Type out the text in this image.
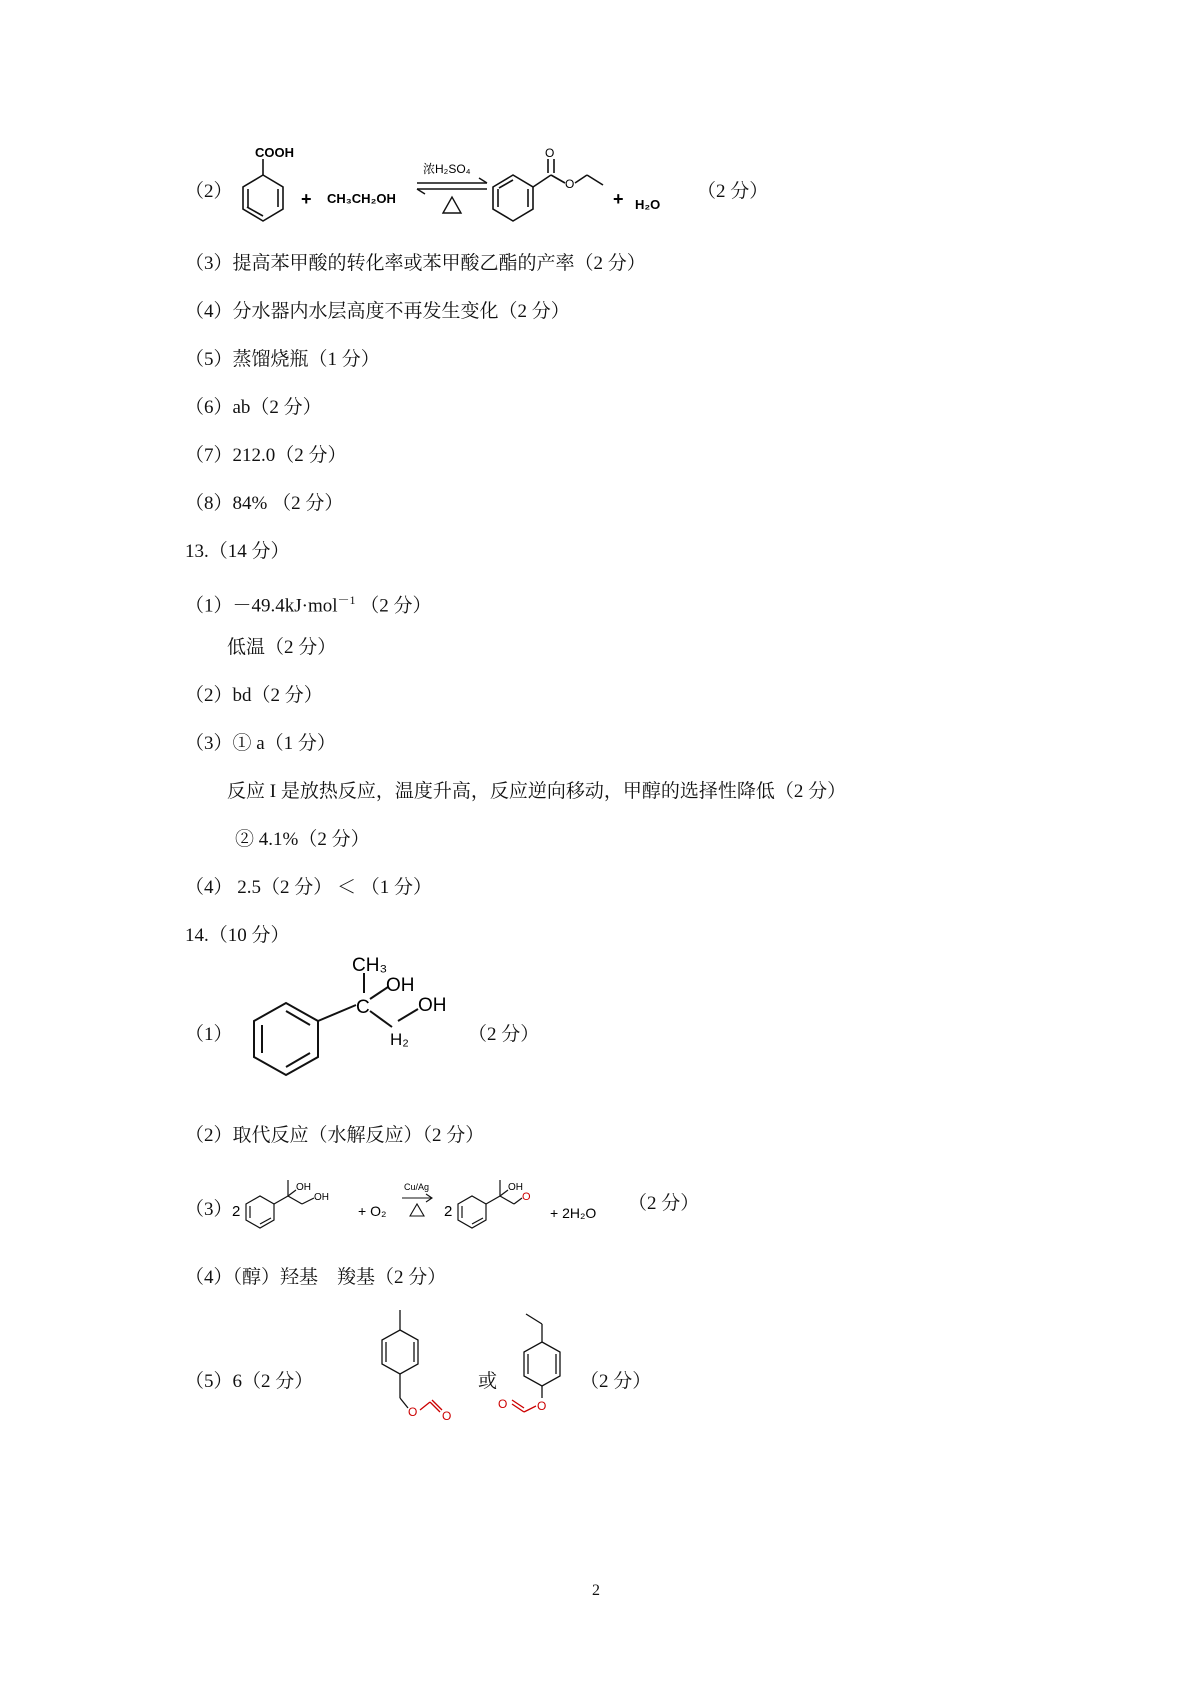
（2）
COOH
+ CH₃CH₂OH
浓H₂SO₄
O
O
+ H₂O
（2 分）
（3）提高苯甲酸的转化率或苯甲酸乙酯的产率（2 分）
（4）分水器内水层高度不再发生变化（2 分）
（5）蒸馏烧瓶（1 分）
（6）ab（2 分）
（7）212.0（2 分）
（8）84% （2 分）
13.（14 分）
（1）－49.4kJ·mol$^{-1}$ （2 分）
低温（2 分）
（2）bd（2 分）
（3）① a（1 分）
反应 I 是放热反应，温度升高，反应逆向移动，甲醇的选择性降低（2 分）
② 4.1%（2 分）
（4） 2.5（2 分） ＜ （1 分）
14.（10 分）
（1）
CH₃
OH
C	OH
H₂	（2 分）
（2）取代反应（水解反应）（2 分）
（3） 2
OH
OH
+ O₂
Cu/Ag
2
OH
O
+ 2H₂O （2 分）
（4）（醇）羟基　羧基（2 分）
（5）6（2 分）
O O
或
O
O
（2 分）
2
